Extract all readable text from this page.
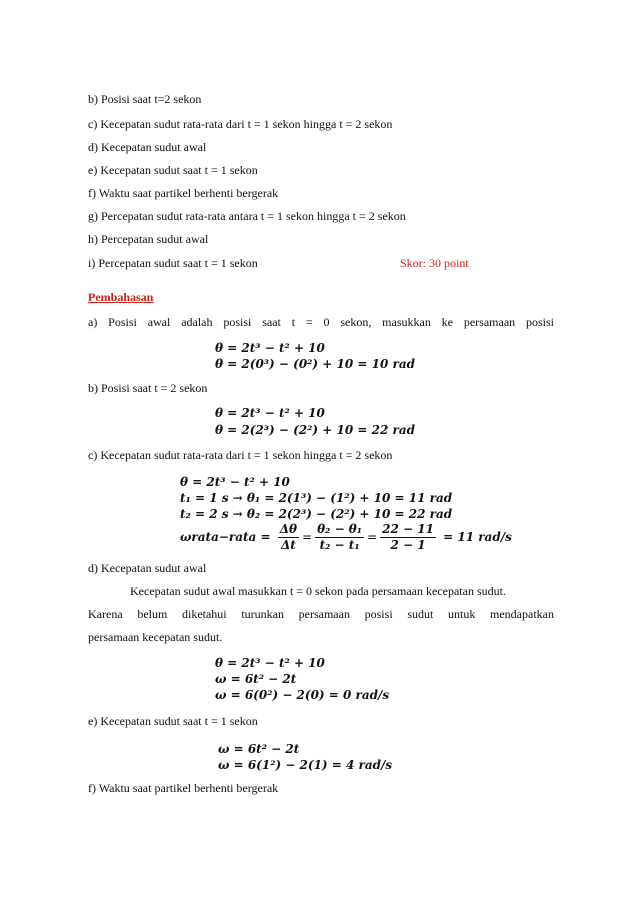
b) Posisi saat t=2 sekon
c) Kecepatan sudut rata-rata dari t = 1 sekon hingga t = 2 sekon
d) Kecepatan sudut awal
e) Kecepatan sudut saat t = 1 sekon
f) Waktu saat partikel berhenti bergerak
g) Percepatan sudut rata-rata antara t = 1 sekon hingga t = 2 sekon
h) Percepatan sudut awal
i) Percepatan sudut saat t = 1 sekon	Skor: 30 point
Pembahasan
a) Posisi awal adalah posisi saat t = 0 sekon, masukkan ke persamaan posisi
θ = 2t³ − t² + 10
θ = 2(0³) − (0²) + 10 = 10 rad
b) Posisi saat t = 2 sekon
θ = 2t³ − t² + 10
θ = 2(2³) − (2²) + 10 = 22 rad
c) Kecepatan sudut rata-rata dari t = 1 sekon hingga t = 2 sekon
θ = 2t³ − t² + 10
t₁ = 1 s → θ₁ = 2(1³) − (1²) + 10 = 11 rad
t₂ = 2 s → θ₂ = 2(2³) − (2²) + 10 = 22 rad
ωrata−rata = $\frac{\Delta\theta}{\Delta t} = \frac{\text{θ₂ − θ₁}}{\text{t₂ − t₁}} = \frac{22 - 11}{2 - 1} = 11$ rad/s
d) Kecepatan sudut awal
Kecepatan sudut awal masukkan t = 0 sekon pada persamaan kecepatan sudut.
Karena belum diketahui turunkan persamaan posisi sudut untuk mendapatkan
persamaan kecepatan sudut.
θ = 2t³ − t² + 10
ω = 6t² − 2t
ω = 6(0²) − 2(0) = 0 rad/s
e) Kecepatan sudut saat t = 1 sekon
ω = 6t² − 2t
ω = 6(1²) − 2(1) = 4 rad/s
f) Waktu saat partikel berhenti bergerak
